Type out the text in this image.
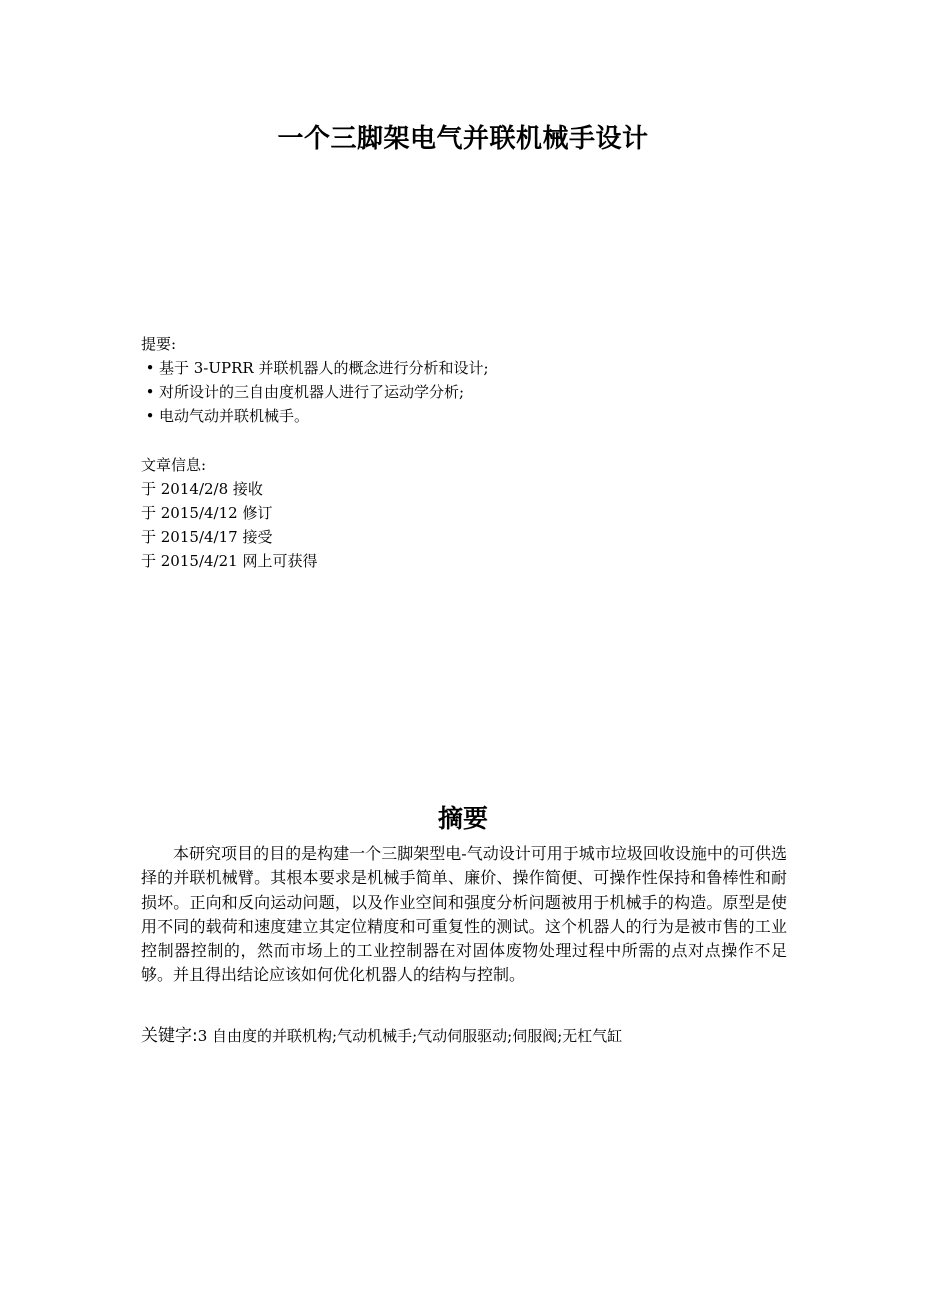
一个三脚架电气并联机械手设计
提要:
• 基于 3-UPRR 并联机器人的概念进行分析和设计;
• 对所设计的三自由度机器人进行了运动学分析;
• 电动气动并联机械手。
文章信息:
于 2014/2/8 接收
于 2015/4/12 修订
于 2015/4/17 接受
于 2015/4/21 网上可获得
摘要

本研究项目的目的是构建一个三脚架型电-气动设计可用于城市垃圾回收设施中的可供选择的并联机械臂。其根本要求是机械手简单、廉价、操作简便、可操作性保持和鲁棒性和耐损坏。正向和反向运动问题，以及作业空间和强度分析问题被用于机械手的构造。原型是使用不同的载荷和速度建立其定位精度和可重复性的测试。这个机器人的行为是被市售的工业控制器控制的，然而市场上的工业控制器在对固体废物处理过程中所需的点对点操作不足够。并且得出结论应该如何优化机器人的结构与控制。

关键字:3 自由度的并联机构;气动机械手;气动伺服驱动;伺服阀;无杠气缸
